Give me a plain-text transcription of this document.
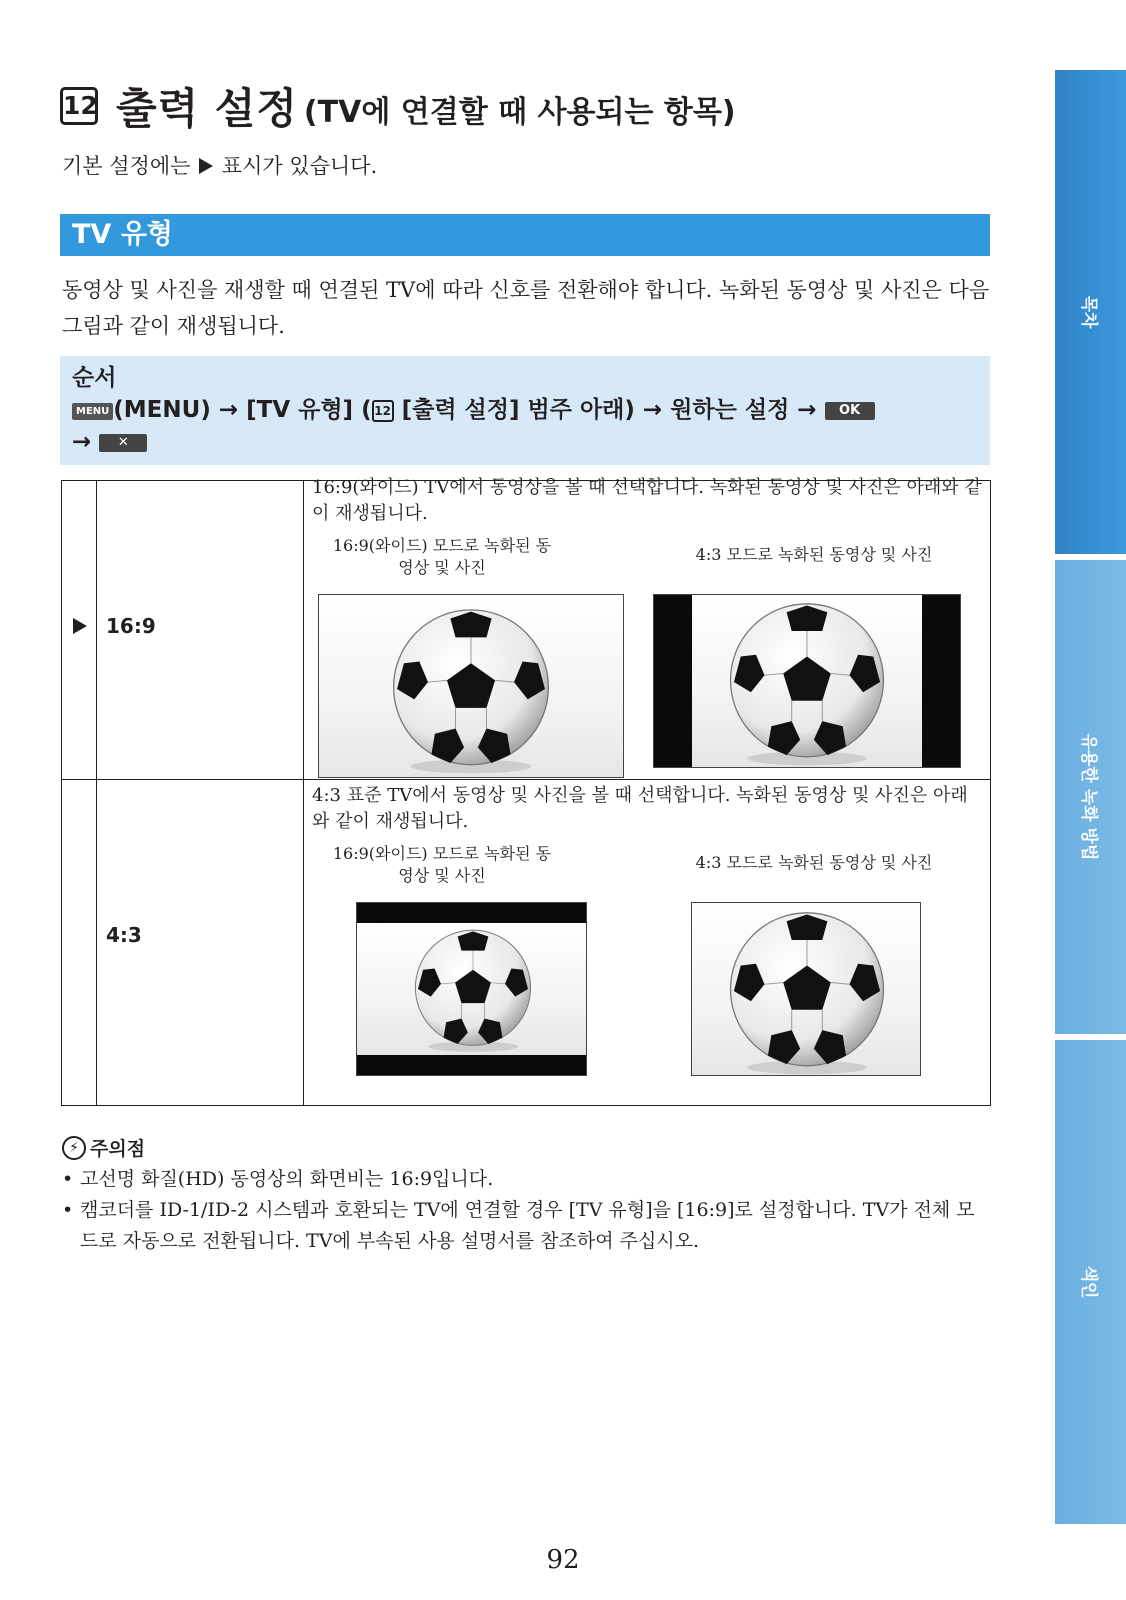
12 출력 설정 (TV에 연결할 때 사용되는 항목)
기본 설정에는 표시가 있습니다.
TV 유형
동영상 및 사진을 재생할 때 연결된 TV에 따라 신호를 전환해야 합니다. 녹화된 동영상 및 사진은 다음 그림과 같이 재생됩니다.
순서
MENU (MENU) → [TV 유형] ( 12 [출력 설정] 범주 아래) → 원하는 설정 → OK
→ ✕
16:9
16:9(와이드) TV에서 동영상을 볼 때 선택합니다. 녹화된 동영상 및 사진은 아래와 같이 재생됩니다.
16:9(와이드) 모드로 녹화된 동영상 및 사진
4:3 모드로 녹화된 동영상 및 사진
4:3
4:3 표준 TV에서 동영상 및 사진을 볼 때 선택합니다. 녹화된 동영상 및 사진은 아래와 같이 재생됩니다.
16:9(와이드) 모드로 녹화된 동영상 및 사진
4:3 모드로 녹화된 동영상 및 사진
⚡ 주의점
• 고선명 화질(HD) 동영상의 화면비는 16:9입니다.
• 캠코더를 ID-1/ID-2 시스템과 호환되는 TV에 연결할 경우 [TV 유형]을 [16:9]로 설정합니다. TV가 전체 모드로 자동으로 전환됩니다. TV에 부속된 사용 설명서를 참조하여 주십시오.
목차
유용한 녹화 방법
색인
92
